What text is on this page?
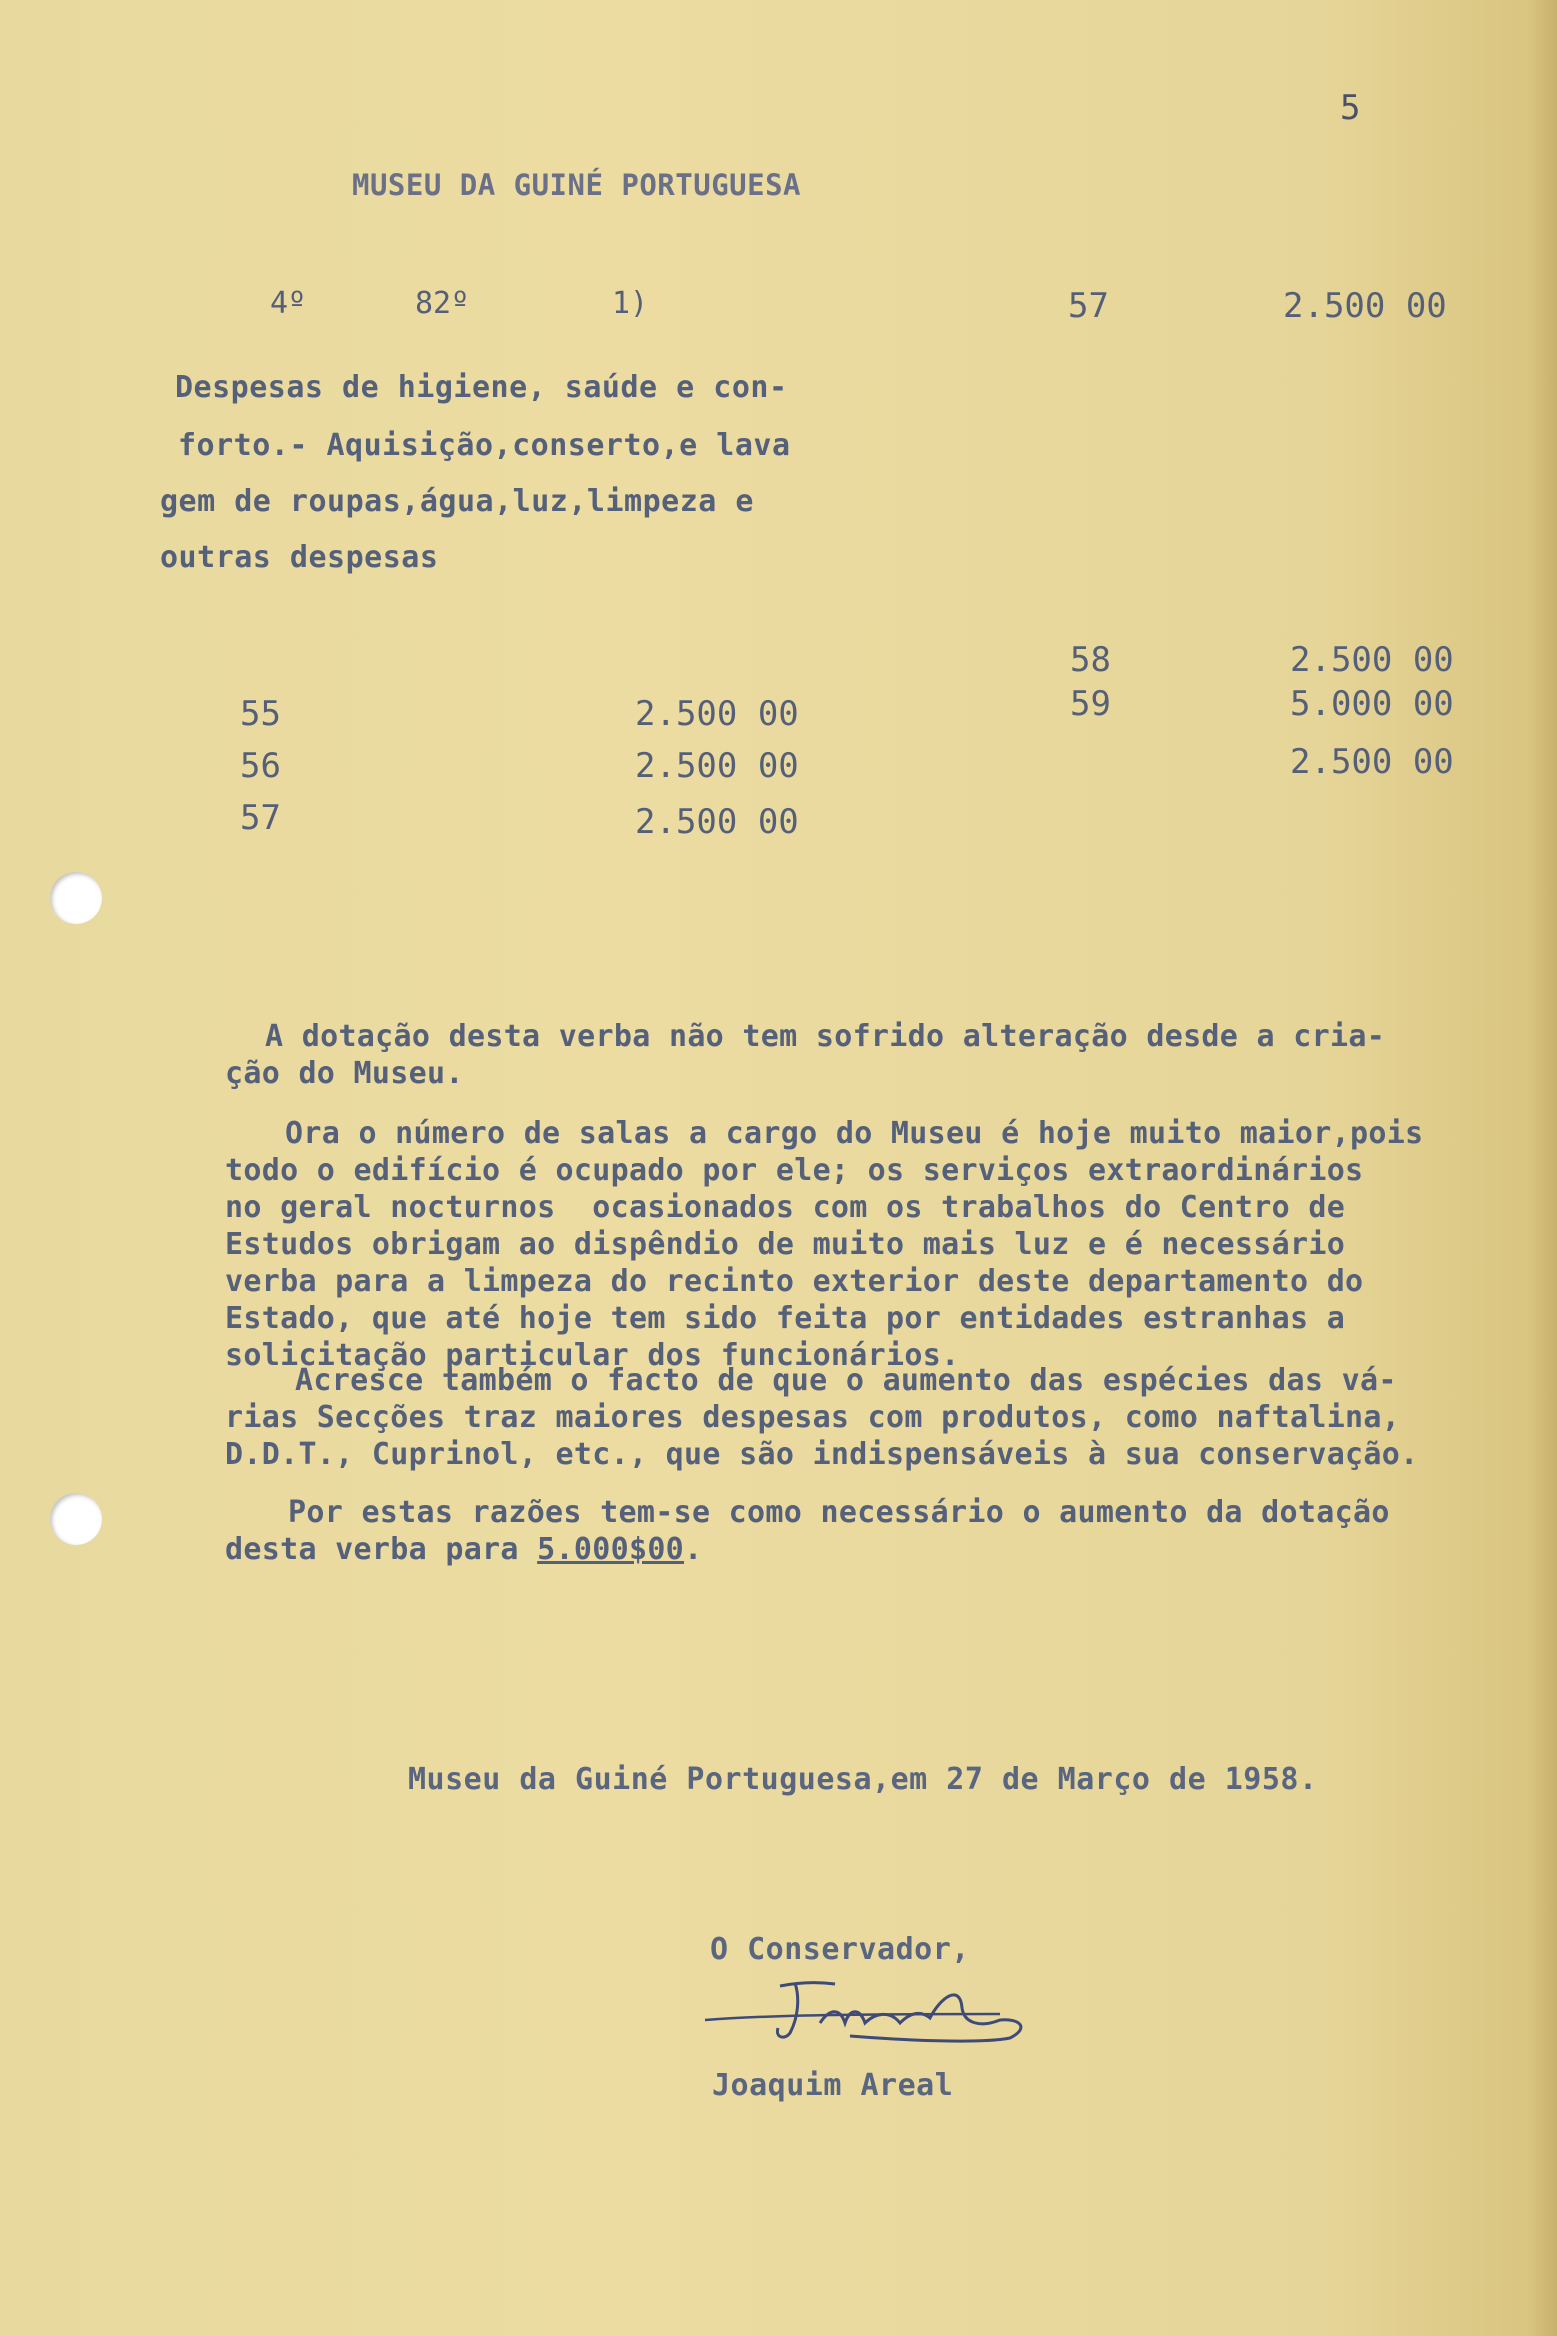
5
MUSEU DA GUINÉ PORTUGUESA
4º	82º	1)	57	2.500 00
Despesas de higiene, saúde e con-
forto.- Aquisição,conserto,e lava
gem de roupas,água,luz,limpeza e
outras despesas
55	2.500 00
56	2.500 00
57	2.500 00
58	2.500 00
59	5.000 00
2.500 00
A dotação desta verba não tem sofrido alteração desde a cria-
ção do Museu.
Ora o número de salas a cargo do Museu é hoje muito maior,pois
todo o edifício é ocupado por ele; os serviços extraordinários
no geral nocturnos  ocasionados com os trabalhos do Centro de
Estudos obrigam ao dispêndio de muito mais luz e é necessário
verba para a limpeza do recinto exterior deste departamento do
Estado, que até hoje tem sido feita por entidades estranhas a
solicitação particular dos funcionários.
Acresce também o facto de que o aumento das espécies das vá-
rias Secções traz maiores despesas com produtos, como naftalina,
D.D.T., Cuprinol, etc., que são indispensáveis à sua conservação.
Por estas razões tem-se como necessário o aumento da dotação
desta verba para 5.000$00.
Museu da Guiné Portuguesa,em 27 de Março de 1958.
O Conservador,
Joaquim Areal
